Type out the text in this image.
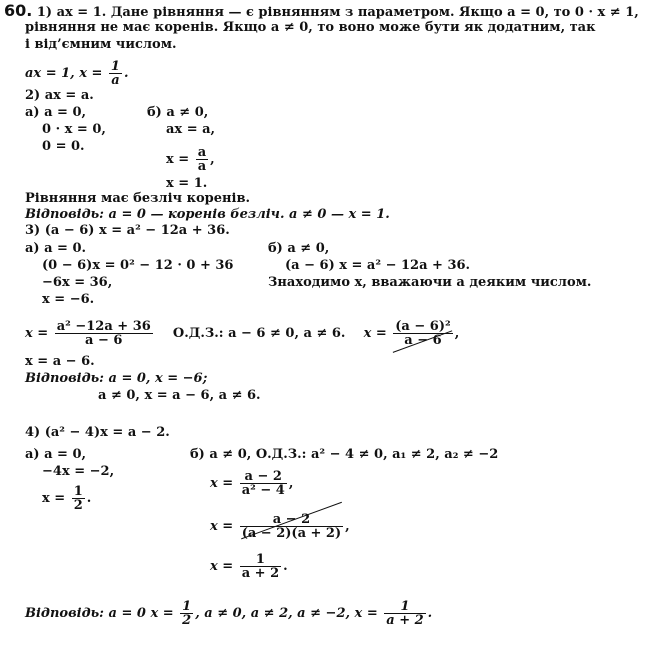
60. 1) ax = 1. Дане рівняння — є рівнянням з параметром. Якщо a = 0, то 0 · x ≠ 1,
рівняння не має коренів. Якщо a ≠ 0, то воно може бути як додатним, так
і від’ємним числом.
ax = 1, $x = \frac{1}{a}$ .
2) ax = a.
а) a = 0,
0 · x = 0,
0 = 0.
б) a ≠ 0,
ax = a,
$x = \frac{a}{a}$ ,
x = 1.
Рівняння має безліч коренів.
Відповідь: a = 0 — коренів безліч. a ≠ 0 — x = 1.
3) (a − 6) x = a² − 12a + 36.
а) a = 0.
(0 − 6)x = 0² − 12 · 0 + 36
−6x = 36,
x = −6.
б) a ≠ 0,
(a − 6) x = a² − 12a + 36.
Знаходимо x, вважаючи a деяким числом.
$x = \frac{\text{a² −12a + 36}}{a - 6} О.Д.З$.: a − 6 ≠ 0, a ≠ 6. $x = \frac{\text{(a − 6)²}}{a - 6}$ ,
x = a − 6.
Відповідь: a = 0, x = −6;
a ≠ 0, x = a − 6, a ≠ 6.
4) (a² − 4)x = a − 2.
а) a = 0,
−4x = −2,
$x = \frac{1}{2}$ .
б) a ≠ 0, О.Д.З.: a² − 4 ≠ 0, a₁ ≠ 2, a₂ ≠ −2
$x = \frac{a - 2}{\text{a² − 4}}$ ,
$x = \frac{a - 2}{(a - 2)(a + 2)}$ ,
$x = \frac{1}{a + 2}$ .
Відповідь: a = 0 $x = \frac{1}{2}$ , a ≠ 0, a ≠ 2, a ≠ −2, $x = \frac{1}{a + 2}$ .
